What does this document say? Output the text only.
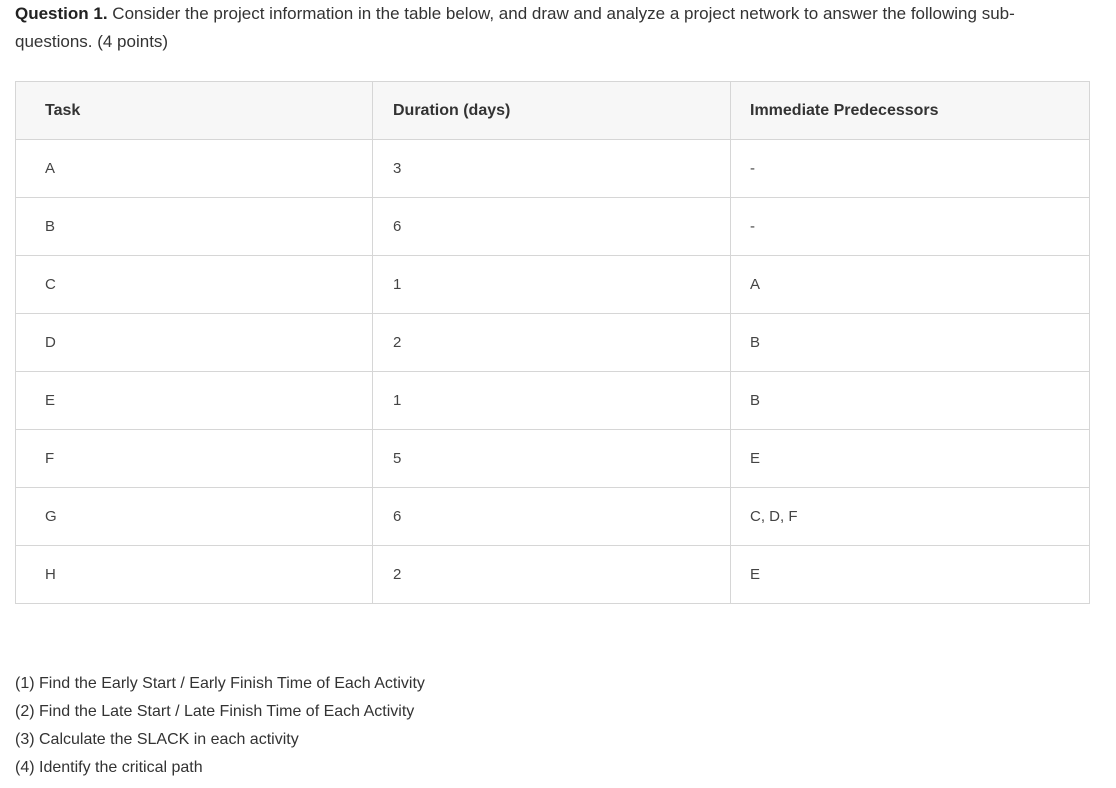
Question 1. Consider the project information in the table below, and draw and analyze a project network to answer the following sub-questions. (4 points)
Task	Duration (days)	Immediate Predecessors
A	3	-
B	6	-
C	1	A
D	2	B
E	1	B
F	5	E
G	6	C, D, F
H	2	E
(1) Find the Early Start / Early Finish Time of Each Activity
(2) Find the Late Start / Late Finish Time of Each Activity
(3) Calculate the SLACK in each activity
(4) Identify the critical path
